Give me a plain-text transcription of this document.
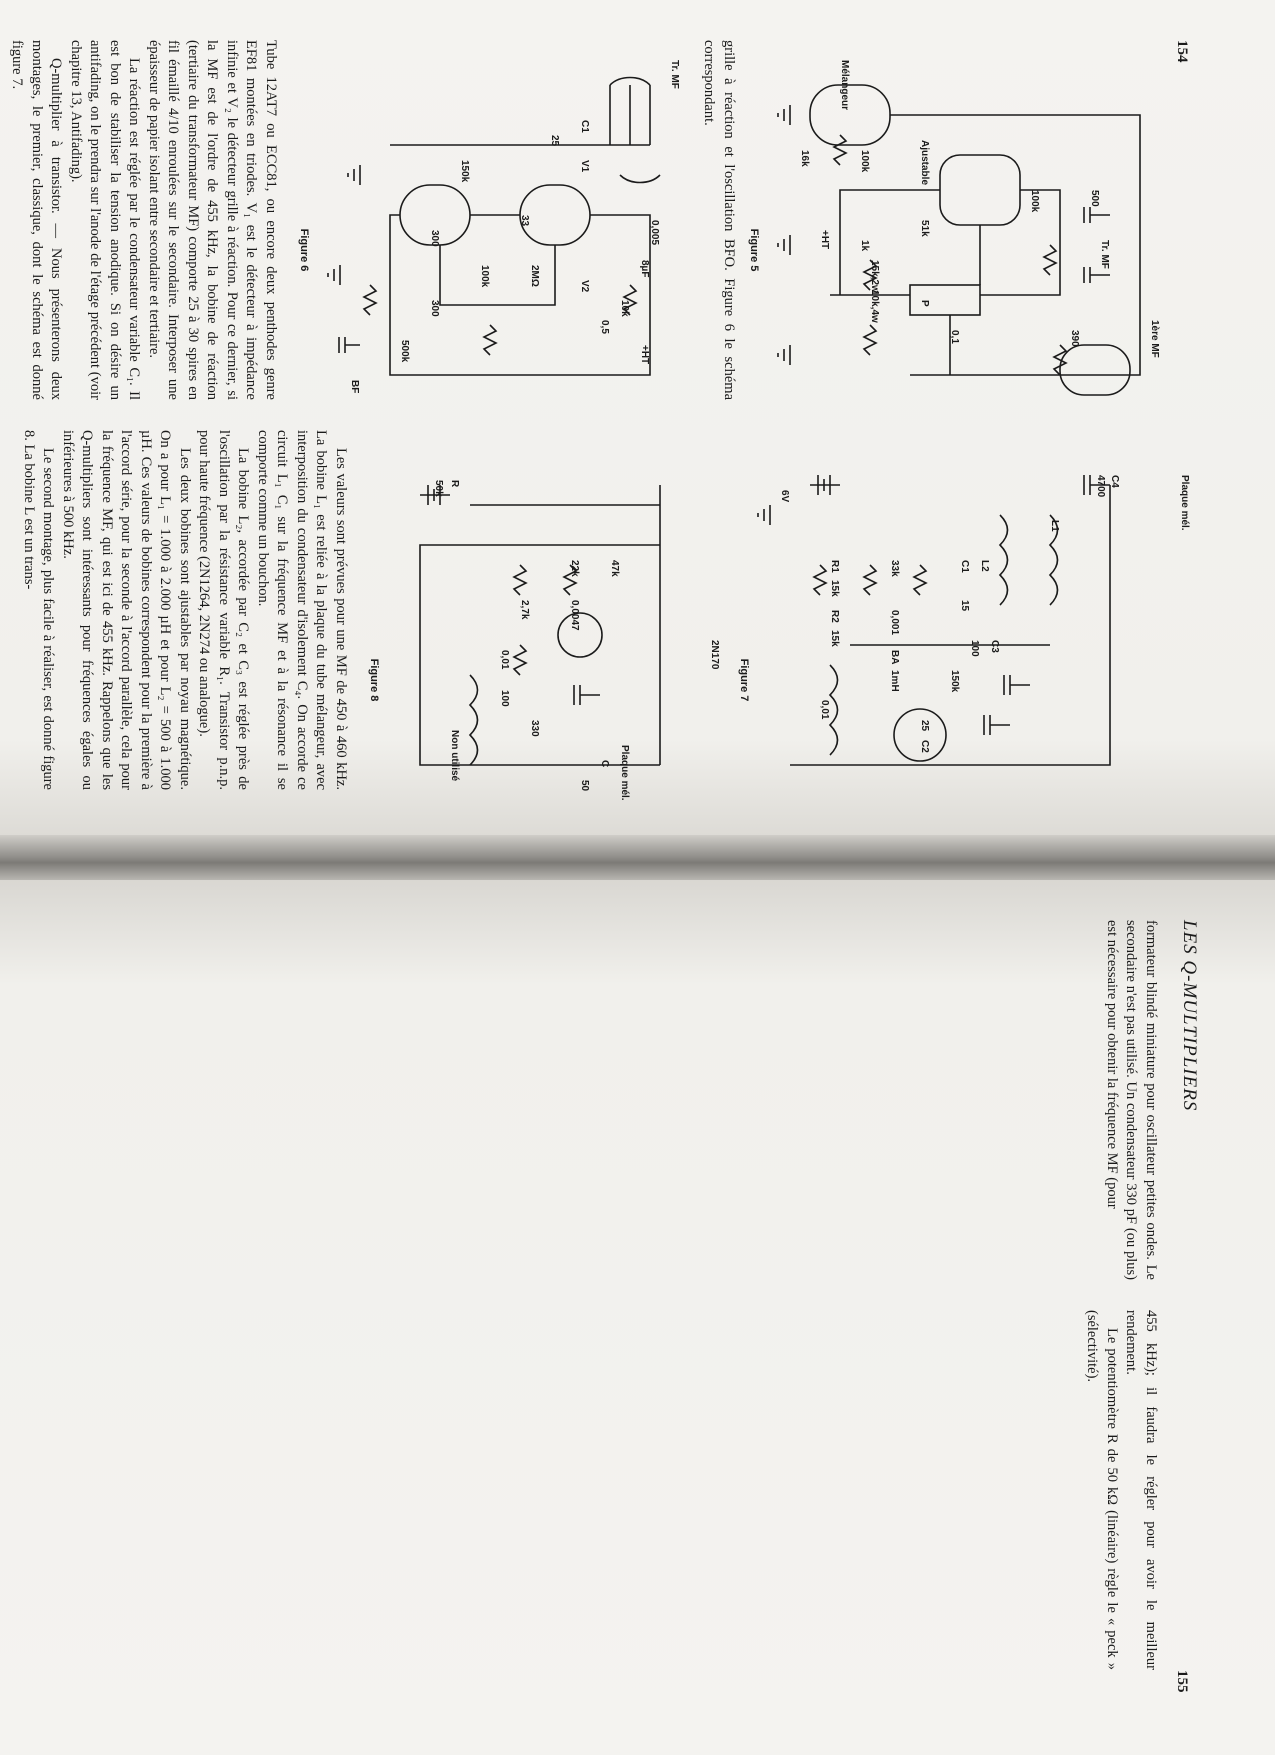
154
Mélangeur
Ajustable
100k
16k
100k	500
51k
1k
+HT
15k,2w
10k,4w	P
0,1	390
Tr. MF
1ère MF
Figure 5

grille à réaction et l'oscillation BFO. Figure 6 le schéma correspondant.

Tr. MF
C1
25
150k
300	0,005
33
2MΩ
100k
300
500k
BF
V1
V2
8µF
10k
0,5
+HT
Figure 6

Tube 12AT7 ou ECC81, ou encore deux penthodes genre EF81 montées en triodes. V₁ est le détecteur à impédance infinie et V₂ le détecteur grille à réaction. Pour ce dernier, si la MF est de l'ordre de 455 kHz, la bobine de réaction (tertiaire du transformateur MF) comporte 25 à 30 spires en fil émaillé 4/10 enroulées sur le secondaire. Interposer une épaisseur de papier isolant entre secondaire et tertiaire.

La réaction est réglée par le condensateur variable C₁. Il est bon de stabiliser la tension anodique. Si on désire un antifading, on le prendra sur l'anode de l'étage précédent (voir chapitre 13, Antifading).

Q-multiplier à transistor. — Nous présenterons deux montages, le premier, classique, dont le schéma est donné figure 7.

Plaque mél.
C4
4700
L1
L2
C1
15
C3
100
150k
33k
0,001
BA
1mH
25
C2
R1
15k
R2
15k
0,01
6V
Figure 7
2N170
47k
22k
0,0047
2,7k
0,01
100
330
C
50	Plaque mél.
Non utilisé
R
50k
Figure 8

Les valeurs sont prévues pour une MF de 450 à 460 kHz. La bobine L₁ est reliée à la plaque du tube mélangeur, avec interposition du condensateur d'isolement C₄. On accorde ce circuit L₁ C₁ sur la fréquence MF et à la résonance il se comporte comme un bouchon.

La bobine L₂, accordée par C₂ et C₃ est réglée près de l'oscillation par la résistance variable R₁. Transistor p.n.p. pour haute fréquence (2N1264, 2N274 ou analogue).

Les deux bobines sont ajustables par noyau magnétique. On a pour L₁ = 1.000 à 2.000 µH et pour L₂ = 500 à 1.000 µH. Ces valeurs de bobines correspondent pour la première à l'accord série, pour la seconde à l'accord parallèle, cela pour la fréquence MF, qui est ici de 455 kHz. Rappelons que les Q-multipliers sont intéressants pour fréquences égales ou inférieures à 500 kHz.

Le second montage, plus facile à réaliser, est donné figure 8. La bobine L est un trans-

LES Q-MULTIPLIERS
155

formateur blindé miniature pour oscillateur petites ondes. Le secondaire n'est pas utilisé. Un condensateur 330 pF (ou plus) est nécessaire pour obtenir la fréquence MF (pour

455 kHz); il faudra le régler pour avoir le meilleur rendement.

Le potentiomètre R de 50 kΩ (linéaire) règle le « peck » (sélectivité).
